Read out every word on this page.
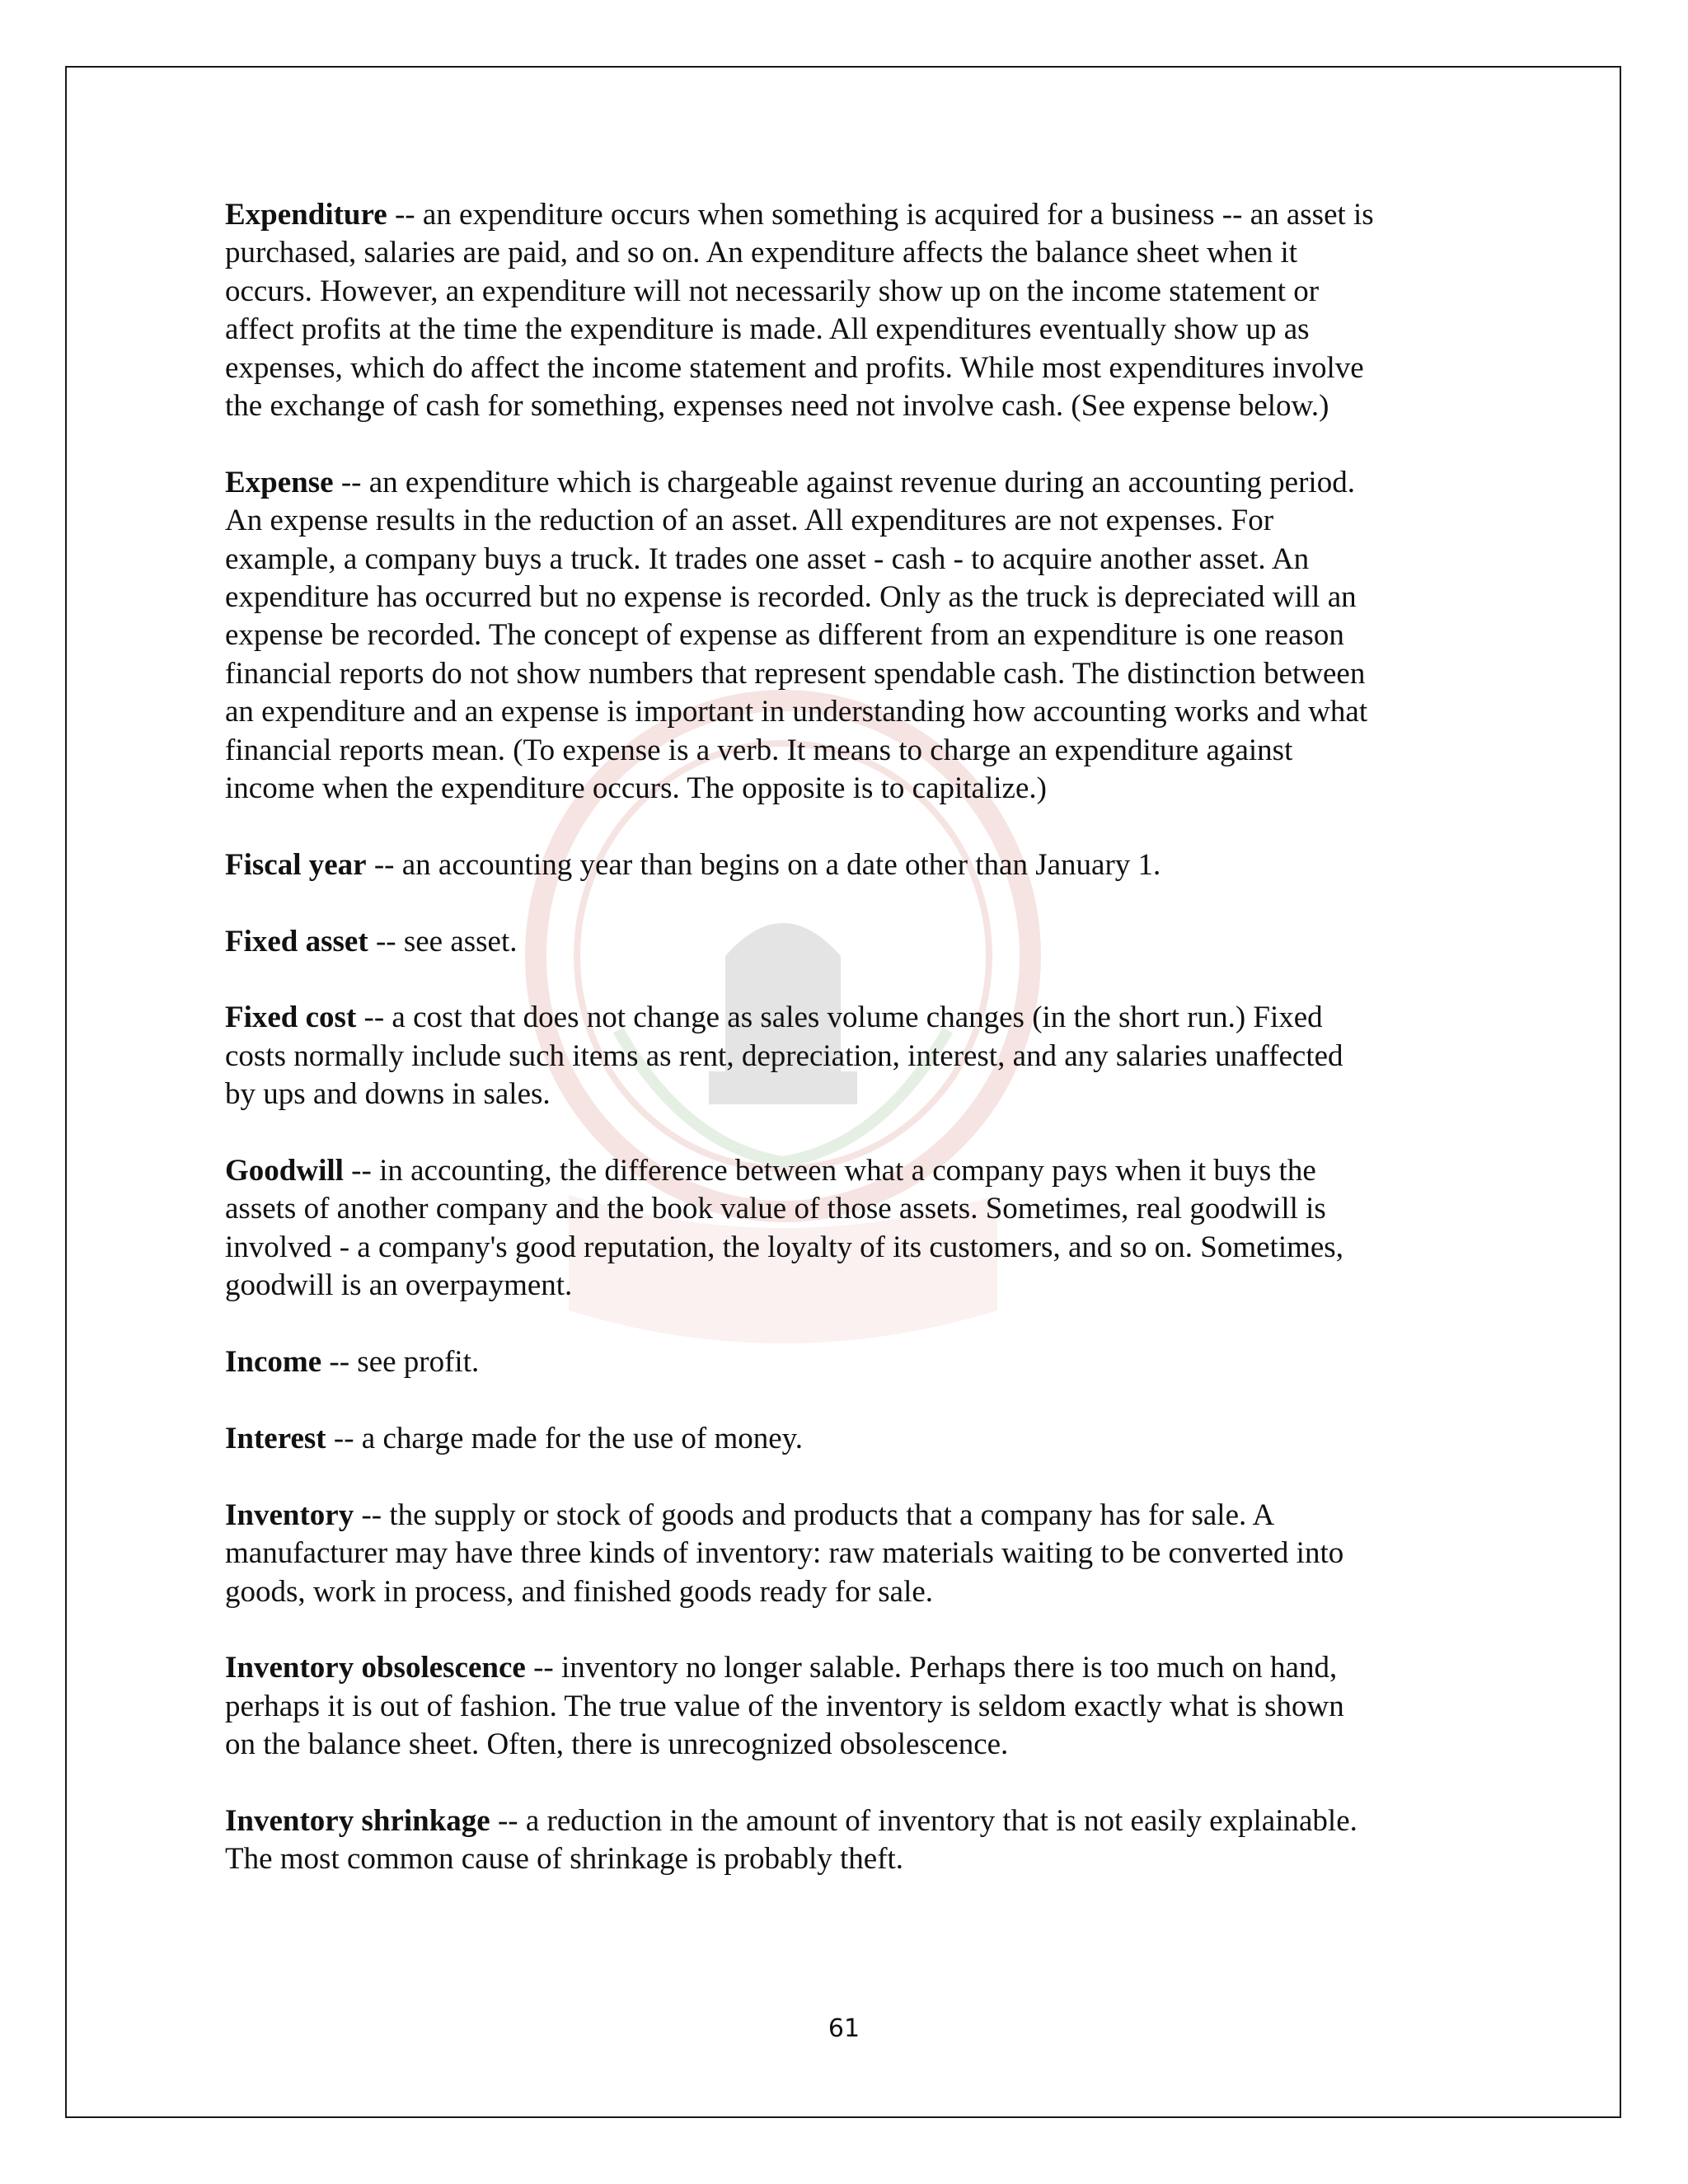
Expenditure -- an expenditure occurs when something is acquired for a business -- an asset is purchased, salaries are paid, and so on. An expenditure affects the balance sheet when it occurs. However, an expenditure will not necessarily show up on the income statement or affect profits at the time the expenditure is made. All expenditures eventually show up as expenses, which do affect the income statement and profits. While most expenditures involve the exchange of cash for something, expenses need not involve cash. (See expense below.)

Expense -- an expenditure which is chargeable against revenue during an accounting period. An expense results in the reduction of an asset. All expenditures are not expenses. For example, a company buys a truck. It trades one asset - cash - to acquire another asset. An expenditure has occurred but no expense is recorded. Only as the truck is depreciated will an expense be recorded. The concept of expense as different from an expenditure is one reason financial reports do not show numbers that represent spendable cash. The distinction between an expenditure and an expense is important in understanding how accounting works and what financial reports mean. (To expense is a verb. It means to charge an expenditure against income when the expenditure occurs. The opposite is to capitalize.)

Fiscal year -- an accounting year than begins on a date other than January 1.

Fixed asset -- see asset.

Fixed cost -- a cost that does not change as sales volume changes (in the short run.) Fixed costs normally include such items as rent, depreciation, interest, and any salaries unaffected by ups and downs in sales.

Goodwill -- in accounting, the difference between what a company pays when it buys the assets of another company and the book value of those assets. Sometimes, real goodwill is involved - a company's good reputation, the loyalty of its customers, and so on. Sometimes, goodwill is an overpayment.

Income -- see profit.

Interest -- a charge made for the use of money.

Inventory -- the supply or stock of goods and products that a company has for sale. A manufacturer may have three kinds of inventory: raw materials waiting to be converted into goods, work in process, and finished goods ready for sale.

Inventory obsolescence -- inventory no longer salable. Perhaps there is too much on hand, perhaps it is out of fashion. The true value of the inventory is seldom exactly what is shown on the balance sheet. Often, there is unrecognized obsolescence.

Inventory shrinkage -- a reduction in the amount of inventory that is not easily explainable. The most common cause of shrinkage is probably theft.

61
